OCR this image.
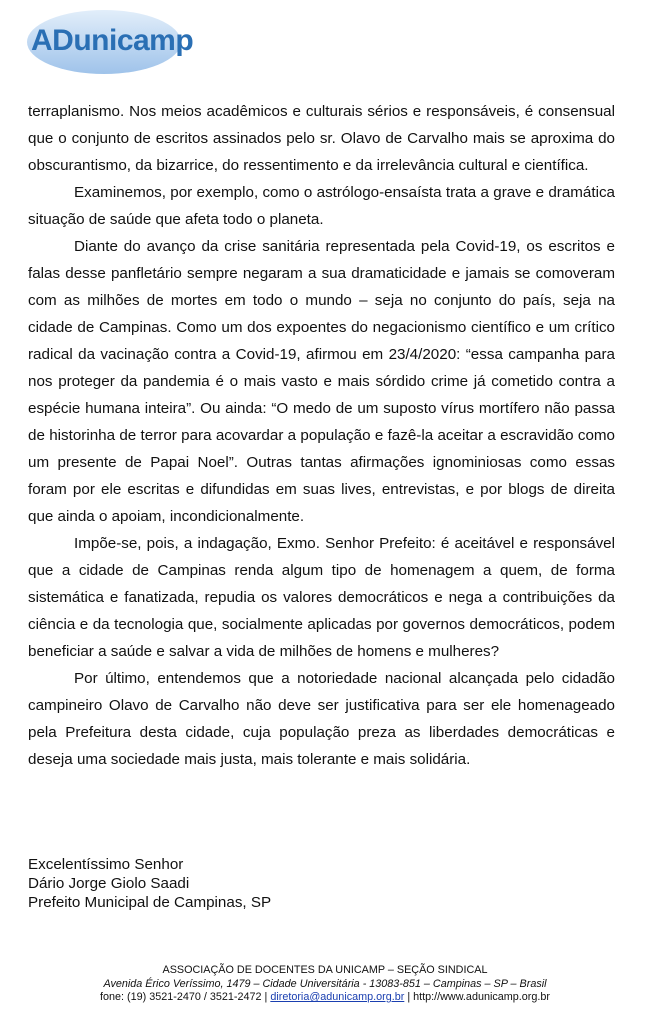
ADunicamp

terraplanismo. Nos meios acadêmicos e culturais sérios e responsáveis, é consensual que o conjunto de escritos assinados pelo sr. Olavo de Carvalho mais se aproxima do obscurantismo, da bizarrice, do ressentimento e da irrelevância cultural e científica.

Examinemos, por exemplo, como o astrólogo-ensaísta trata a grave e dramática situação de saúde que afeta todo o planeta.

Diante do avanço da crise sanitária representada pela Covid-19, os escritos e falas desse panfletário sempre negaram a sua dramaticidade e jamais se comoveram com as milhões de mortes em todo o mundo – seja no conjunto do país, seja na cidade de Campinas. Como um dos expoentes do negacionismo científico e um crítico radical da vacinação contra a Covid-19, afirmou em 23/4/2020: “essa campanha para nos proteger da pandemia é o mais vasto e mais sórdido crime já cometido contra a espécie humana inteira”. Ou ainda: “O medo de um suposto vírus mortífero não passa de historinha de terror para acovardar a população e fazê-la aceitar a escravidão como um presente de Papai Noel”. Outras tantas afirmações ignominiosas como essas foram por ele escritas e difundidas em suas lives, entrevistas, e por blogs de direita que ainda o apoiam, incondicionalmente.

Impõe-se, pois, a indagação, Exmo. Senhor Prefeito: é aceitável e responsável que a cidade de Campinas renda algum tipo de homenagem a quem, de forma sistemática e fanatizada, repudia os valores democráticos e nega a contribuições da ciência e da tecnologia que, socialmente aplicadas por governos democráticos, podem beneficiar a saúde e salvar a vida de milhões de homens e mulheres?

Por último, entendemos que a notoriedade nacional alcançada pelo cidadão campineiro Olavo de Carvalho não deve ser justificativa para ser ele homenageado pela Prefeitura desta cidade, cuja população preza as liberdades democráticas e deseja uma sociedade mais justa, mais tolerante e mais solidária.

Excelentíssimo Senhor
Dário Jorge Giolo Saadi
Prefeito Municipal de Campinas, SP
ASSOCIAÇÃO DE DOCENTES DA UNICAMP – SEÇÃO SINDICAL
Avenida Érico Veríssimo, 1479 – Cidade Universitária - 13083-851 – Campinas – SP – Brasil
fone: (19) 3521-2470 / 3521-2472 | diretoria@adunicamp.org.br | http://www.adunicamp.org.br
